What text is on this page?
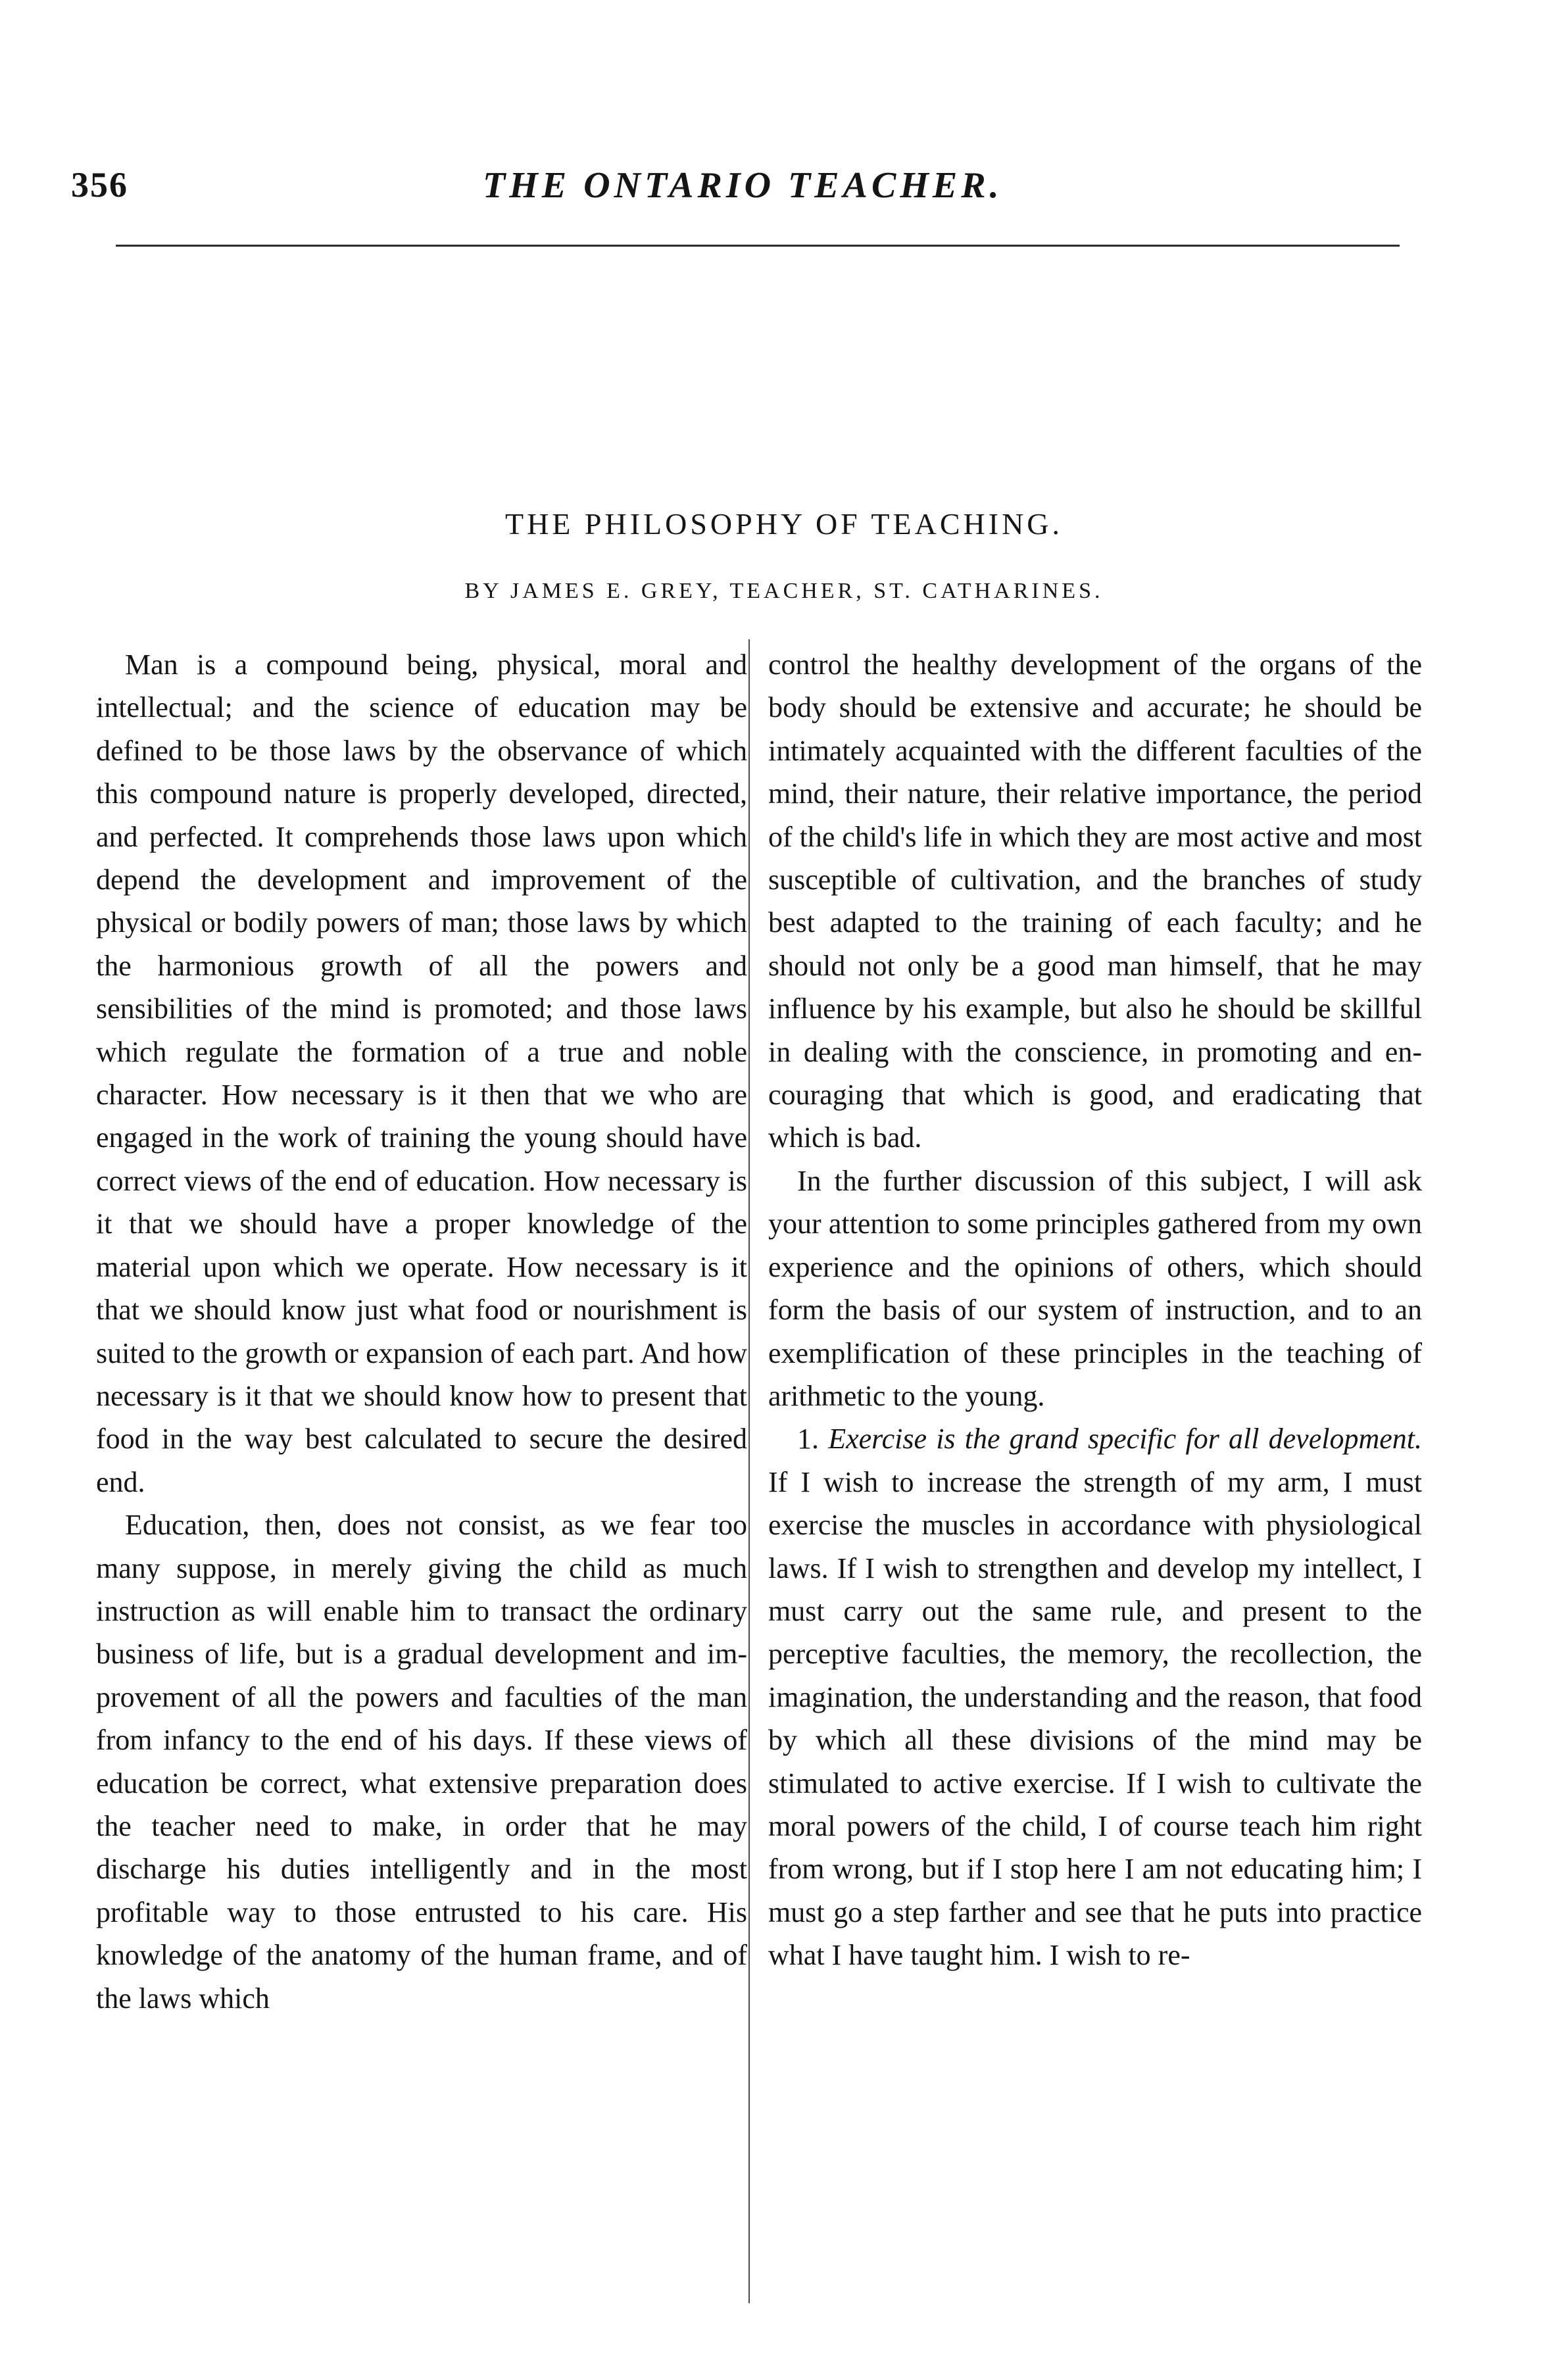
356	THE ONTARIO TEACHER.
THE PHILOSOPHY OF TEACHING.
BY JAMES E. GREY, TEACHER, ST. CATHARINES.

Man is a compound being, physical, moral and intellectual; and the science of education may be defined to be those laws by the observance of which this compound nature is properly developed, directed, and perfected. It comprehends those laws upon which depend the development and improvement of the physical or bodily powers of man; those laws by which the harmonious growth of all the powers and sensibilities of the mind is promoted; and those laws which regulate the formation of a true and noble character. How necessary is it then that we who are engaged in the work of training the young should have correct views of the end of education. How necessary is it that we should have a proper knowledge of the material upon which we operate. How necessary is it that we should know just what food or nourishment is suited to the growth or expansion of each part. And how necessary is it that we should know how to present that food in the way best calculated to secure the desired end.

Education, then, does not consist, as we fear too many suppose, in merely giving the child as much instruction as will enable him to transact the ordinary business of life, but is a gradual development and improvement of all the powers and faculties of the man from infancy to the end of his days. If these views of education be correct, what extensive preparation does the teacher need to make, in order that he may discharge his duties intelligently and in the most profitable way to those entrusted to his care. His knowledge of the anatomy of the human frame, and of the laws which

control the healthy development of the organs of the body should be extensive and accurate; he should be intimately acquainted with the different faculties of the mind, their nature, their relative importance, the period of the child's life in which they are most active and most susceptible of cultivation, and the branches of study best adapted to the training of each faculty; and he should not only be a good man himself, that he may influence by his example, but also he should be skillful in dealing with the conscience, in promoting and encouraging that which is good, and eradicating that which is bad.

In the further discussion of this subject, I will ask your attention to some principles gathered from my own experience and the opinions of others, which should form the basis of our system of instruction, and to an exemplification of these principles in the teaching of arithmetic to the young.

1. Exercise is the grand specific for all development. If I wish to increase the strength of my arm, I must exercise the muscles in accordance with physiological laws. If I wish to strengthen and develop my intellect, I must carry out the same rule, and present to the perceptive faculties, the memory, the recollection, the imagination, the understanding and the reason, that food by which all these divisions of the mind may be stimulated to active exercise. If I wish to cultivate the moral powers of the child, I of course teach him right from wrong, but if I stop here I am not educating him; I must go a step farther and see that he puts into practice what I have taught him. I wish to re-
